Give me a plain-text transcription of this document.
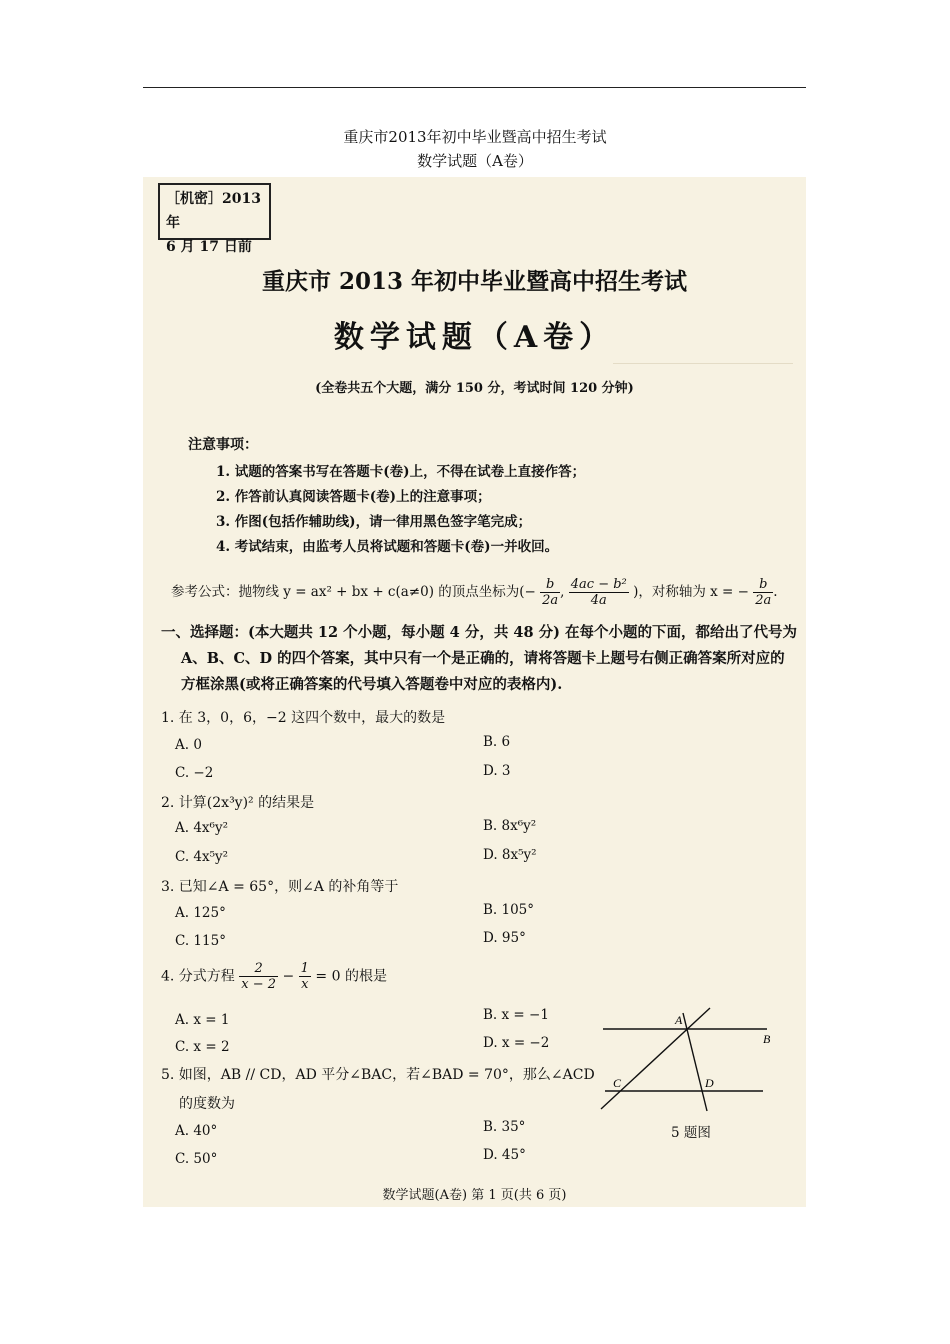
重庆市2013年初中毕业暨高中招生考试
数学试题（A卷）
［机密］2013 年
6 月 17 日前
重庆市 2013 年初中毕业暨高中招生考试
数学试题（A卷）
(全卷共五个大题，满分 150 分，考试时间 120 分钟)
注意事项：
1. 试题的答案书写在答题卡(卷)上，不得在试卷上直接作答；
2. 作答前认真阅读答题卡(卷)上的注意事项；
3. 作图(包括作辅助线)，请一律用黑色签字笔完成；
4. 考试结束，由监考人员将试题和答题卡(卷)一并收回。
参考公式：抛物线 y = ax² + bx + c(a≠0) 的顶点坐标为(− $\frac{b}{2a}$ , $\frac{\text{4ac − b²}}{4a}$ )，对称轴为 x = − $\frac{b}{2a}$ .
一、选择题：(本大题共 12 个小题，每小题 4 分，共 48 分) 在每个小题的下面，都给出了代号为
A、B、C、D 的四个答案，其中只有一个是正确的，请将答题卡上题号右侧正确答案所对应的
方框涂黑(或将正确答案的代号填入答题卷中对应的表格内).
1. 在 3，0，6，−2 这四个数中，最大的数是
A. 0	B. 6
C. −2	D. 3
2. 计算(2x³y)² 的结果是
A. 4x⁶y²	B. 8x⁶y²
C. 4x⁵y²	D. 8x⁵y²
3. 已知∠A = 65°，则∠A 的补角等于
A. 125°	B. 105°
C. 115°	D. 95°
4. 分式方程 $\frac{2}{x - 2} - \frac{1}{x} = 0$ 的根是
A. x = 1	B. x = −1
C. x = 2	D. x = −2
5. 如图，AB // CD，AD 平分∠BAC，若∠BAD = 70°，那么∠ACD
的度数为
A. 40°	B. 35°
C. 50°	D. 45°
A
B
C	D
5 题图
数学试题(A卷) 第 1 页(共 6 页)
